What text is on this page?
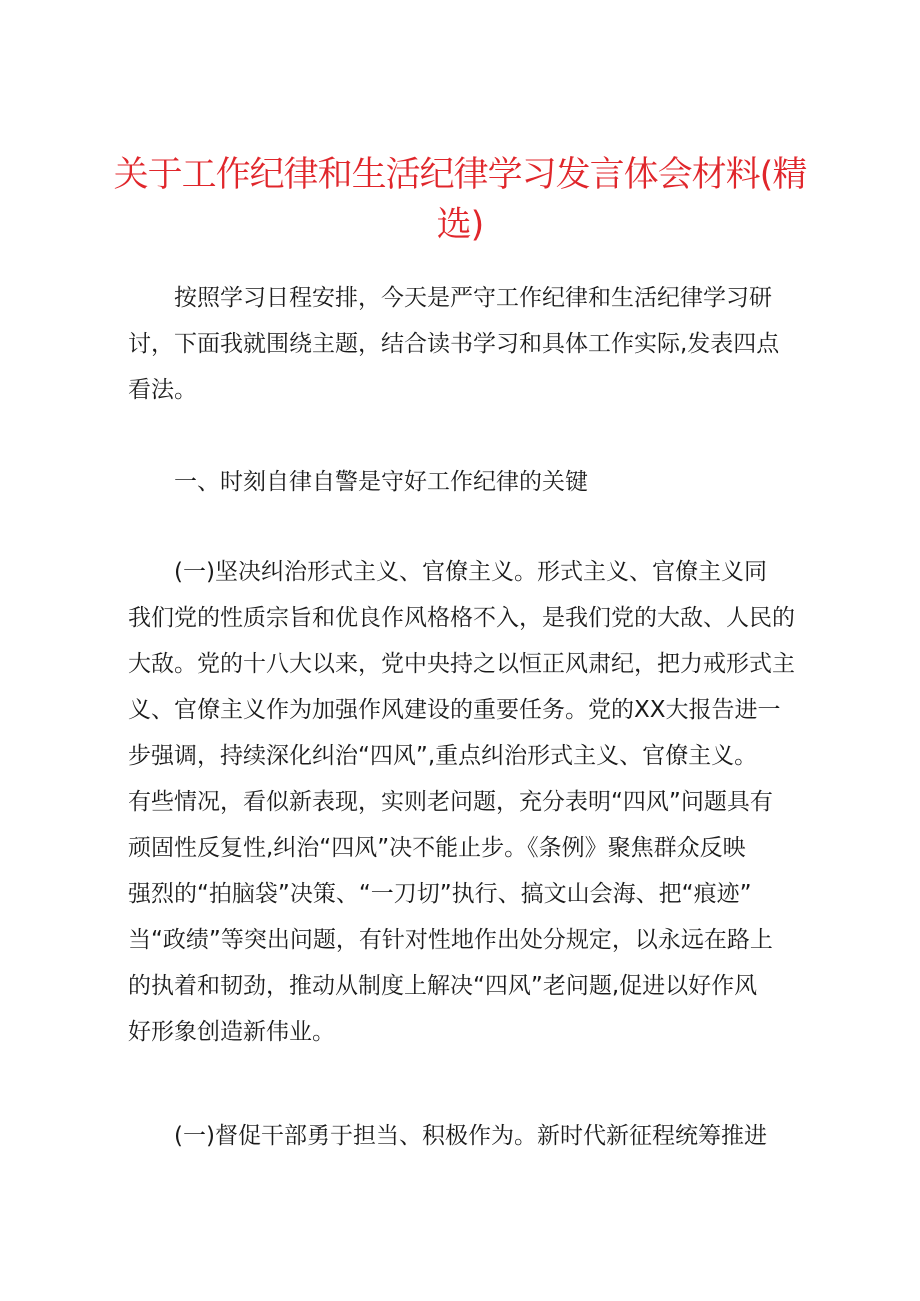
关于工作纪律和生活纪律学习发言体会材料(精
选)
　　按照学习日程安排，今天是严守工作纪律和生活纪律学习研
讨，下面我就围绕主题，结合读书学习和具体工作实际,发表四点
看法。
　　一、时刻自律自警是守好工作纪律的关键
　　(一)坚决纠治形式主义、官僚主义。形式主义、官僚主义同
我们党的性质宗旨和优良作风格格不入，是我们党的大敌、人民的
大敌。党的十八大以来，党中央持之以恒正风肃纪，把力戒形式主
义、官僚主义作为加强作风建设的重要任务。党的XX大报告进一
步强调，持续深化纠治“四风”,重点纠治形式主义、官僚主义。
有些情况，看似新表现，实则老问题，充分表明“四风”问题具有
顽固性反复性,纠治“四风”决不能止步。《条例》聚焦群众反映
强烈的“拍脑袋”决策、“一刀切”执行、搞文山会海、把“痕迹”
当“政绩”等突出问题，有针对性地作出处分规定，以永远在路上
的执着和韧劲，推动从制度上解决“四风”老问题,促进以好作风
好形象创造新伟业。
　　(一)督促干部勇于担当、积极作为。新时代新征程统筹推进
